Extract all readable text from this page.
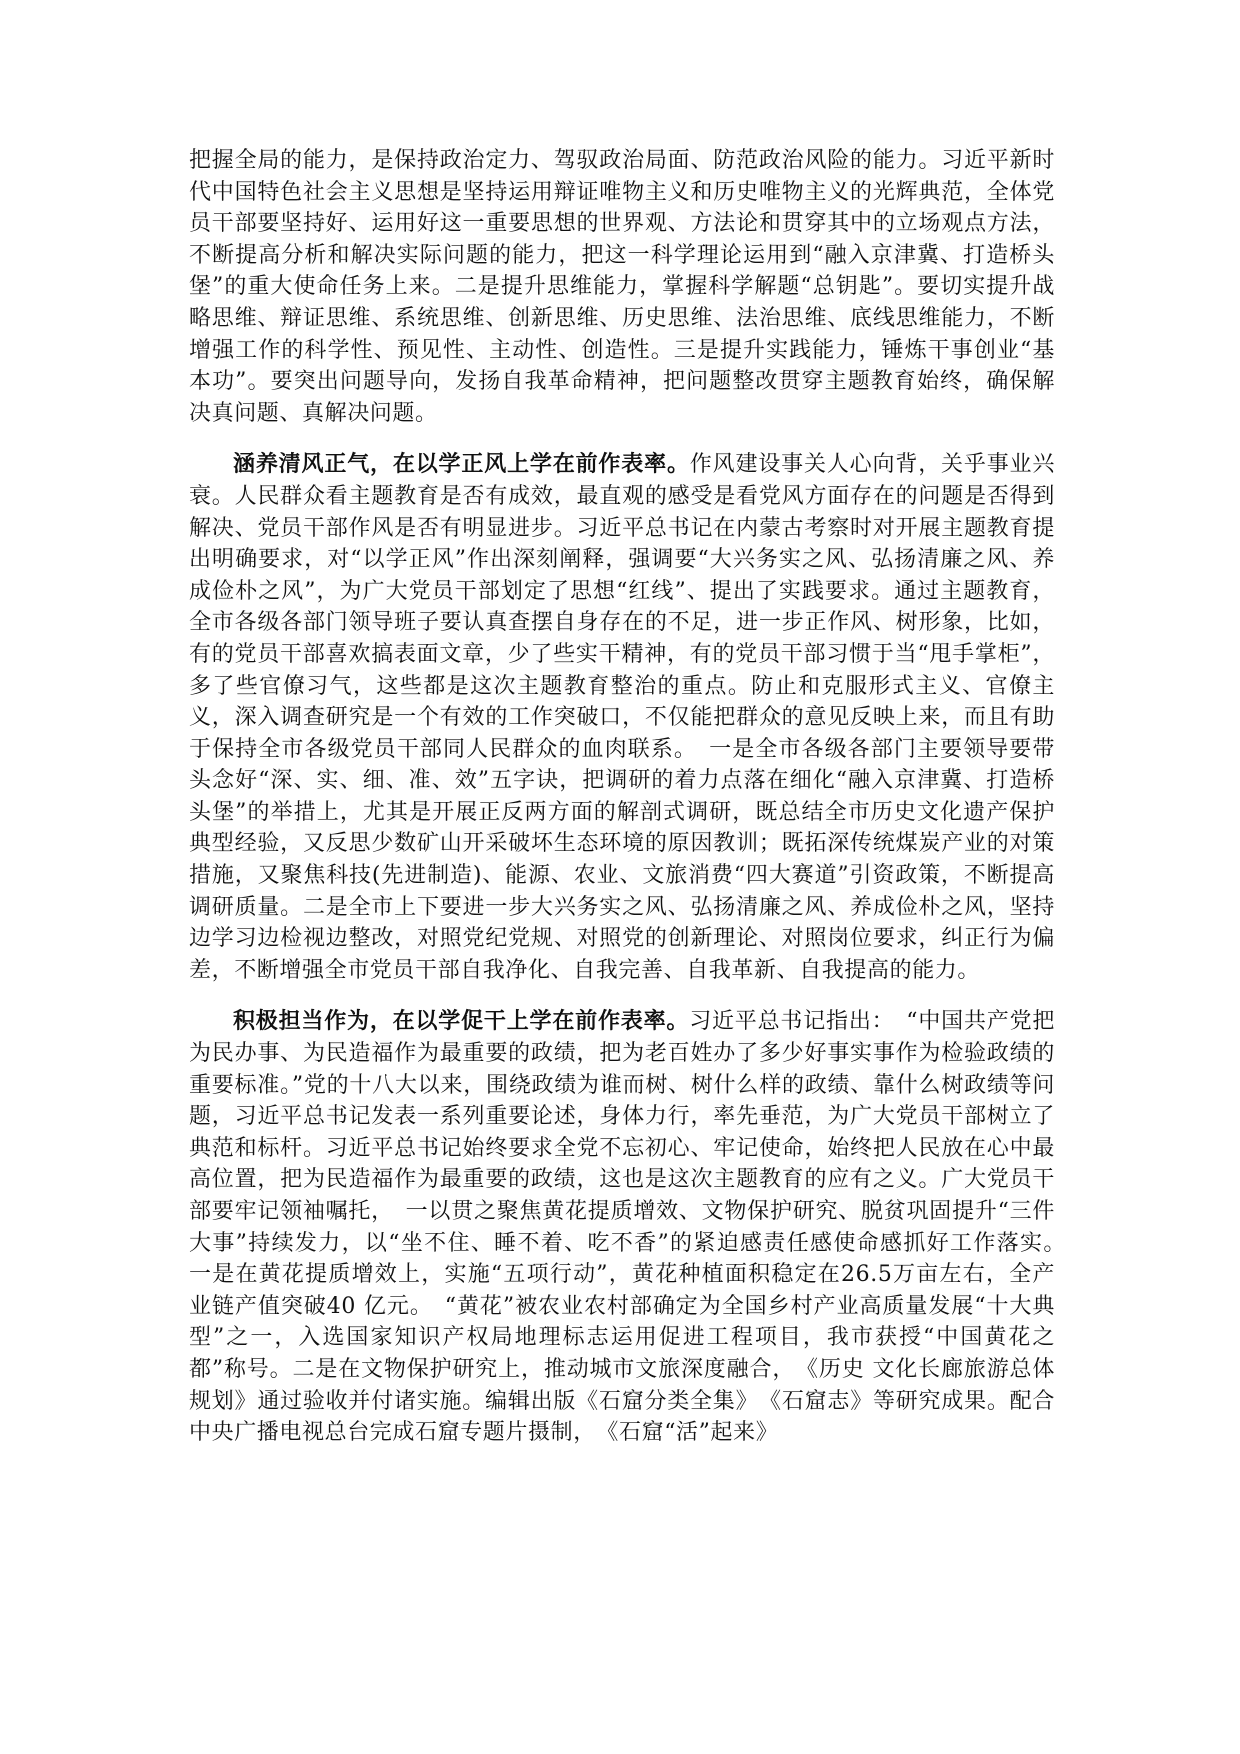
把握全局的能力，是保持政治定力、驾驭政治局面、防范政治风险的能力。习近平新时代中国特色社会主义思想是坚持运用辩证唯物主义和历史唯物主义的光辉典范，全体党员干部要坚持好、运用好这一重要思想的世界观、方法论和贯穿其中的立场观点方法，不断提高分析和解决实际问题的能力，把这一科学理论运用到“融入京津冀、打造桥头堡”的重大使命任务上来。二是提升思维能力，掌握科学解题“总钥匙”。要切实提升战略思维、辩证思维、系统思维、创新思维、历史思维、法治思维、底线思维能力，不断增强工作的科学性、预见性、主动性、创造性。三是提升实践能力，锤炼干事创业“基本功”。要突出问题导向，发扬自我革命精神，把问题整改贯穿主题教育始终，确保解决真问题、真解决问题。

涵养清风正气，在以学正风上学在前作表率。作风建设事关人心向背，关乎事业兴衰。人民群众看主题教育是否有成效，最直观的感受是看党风方面存在的问题是否得到解决、党员干部作风是否有明显进步。习近平总书记在内蒙古考察时对开展主题教育提出明确要求，对“以学正风”作出深刻阐释，强调要“大兴务实之风、弘扬清廉之风、养成俭朴之风”，为广大党员干部划定了思想“红线”、提出了实践要求。通过主题教育，全市各级各部门领导班子要认真查摆自身存在的不足，进一步正作风、树形象，比如，有的党员干部喜欢搞表面文章，少了些实干精神，有的党员干部习惯于当“甩手掌柜”，多了些官僚习气，这些都是这次主题教育整治的重点。防止和克服形式主义、官僚主义，深入调查研究是一个有效的工作突破口，不仅能把群众的意见反映上来，而且有助于保持全市各级党员干部同人民群众的血肉联系。　一是全市各级各部门主要领导要带头念好“深、实、细、准、效”五字诀，把调研的着力点落在细化“融入京津冀、打造桥头堡”的举措上，尤其是开展正反两方面的解剖式调研，既总结全市历史文化遗产保护典型经验，又反思少数矿山开采破坏生态环境的原因教训；既拓深传统煤炭产业的对策措施，又聚焦科技(先进制造)、能源、农业、文旅消费“四大赛道”引资政策，不断提高调研质量。二是全市上下要进一步大兴务实之风、弘扬清廉之风、养成俭朴之风，坚持边学习边检视边整改，对照党纪党规、对照党的创新理论、对照岗位要求，纠正行为偏差，不断增强全市党员干部自我净化、自我完善、自我革新、自我提高的能力。

积极担当作为，在以学促干上学在前作表率。习近平总书记指出：　“中国共产党把为民办事、为民造福作为最重要的政绩，把为老百姓办了多少好事实事作为检验政绩的重要标准。”党的十八大以来，围绕政绩为谁而树、树什么样的政绩、靠什么树政绩等问题，习近平总书记发表一系列重要论述，身体力行，率先垂范，为广大党员干部树立了典范和标杆。习近平总书记始终要求全党不忘初心、牢记使命，始终把人民放在心中最高位置，把为民造福作为最重要的政绩，这也是这次主题教育的应有之义。广大党员干部要牢记领袖嘱托，　一以贯之聚焦黄花提质增效、文物保护研究、脱贫巩固提升“三件大事”持续发力，以“坐不住、睡不着、吃不香”的紧迫感责任感使命感抓好工作落实。　一是在黄花提质增效上，实施“五项行动”，黄花种植面积稳定在26.5万亩左右，全产业链产值突破40 亿元。　“黄花”被农业农村部确定为全国乡村产业高质量发展“十大典型”之一，入选国家知识产权局地理标志运用促进工程项目，我市获授“中国黄花之都”称号。二是在文物保护研究上，推动城市文旅深度融合，　《历史 文化长廊旅游总体规划》通过验收并付诸实施。编辑出版《石窟分类全集》　《石窟志》等研究成果。配合中央广播电视总台完成石窟专题片摄制，　《石窟“活”起来》
